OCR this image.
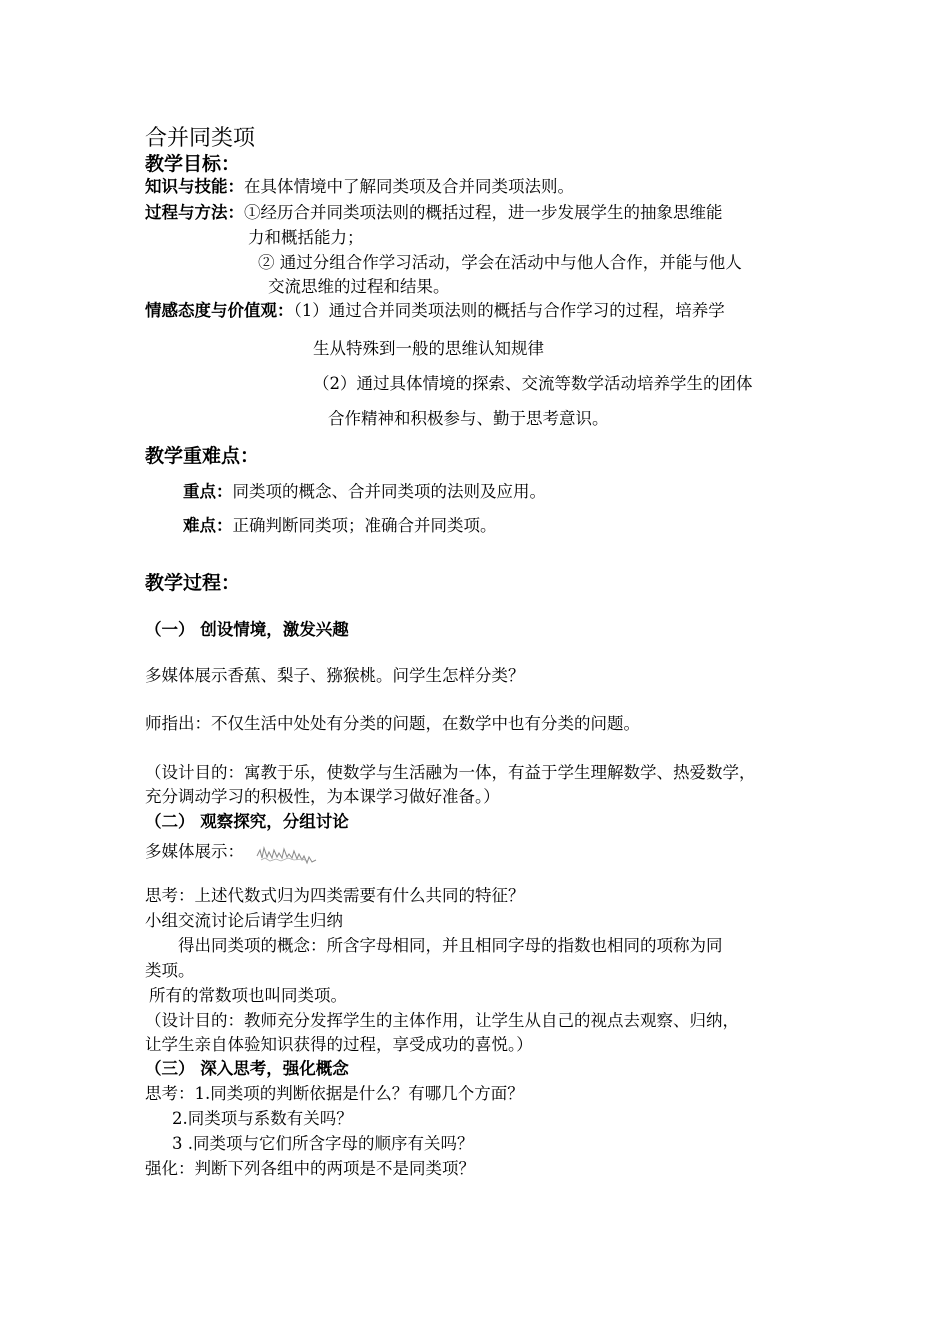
合并同类项
教学目标：
知识与技能：在具体情境中了解同类项及合并同类项法则。
过程与方法：①经历合并同类项法则的概括过程，进一步发展学生的抽象思维能
力和概括能力；
② 通过分组合作学习活动，学会在活动中与他人合作，并能与他人
交流思维的过程和结果。
情感态度与价值观：（1）通过合并同类项法则的概括与合作学习的过程，培养学
生从特殊到一般的思维认知规律
（2）通过具体情境的探索、交流等数学活动培养学生的团体
合作精神和积极参与、勤于思考意识。
教学重难点：
重点：同类项的概念、合并同类项的法则及应用。
难点：正确判断同类项；准确合并同类项。
教学过程：
（一） 创设情境，激发兴趣
多媒体展示香蕉、梨子、猕猴桃。问学生怎样分类？
师指出：不仅生活中处处有分类的问题，在数学中也有分类的问题。
（设计目的：寓教于乐，使数学与生活融为一体，有益于学生理解数学、热爱数学，
充分调动学习的积极性，为本课学习做好准备。）
（二） 观察探究，分组讨论
多媒体展示：
思考：上述代数式归为四类需要有什么共同的特征？
小组交流讨论后请学生归纳
得出同类项的概念：所含字母相同，并且相同字母的指数也相同的项称为同
类项。
所有的常数项也叫同类项。
（设计目的：教师充分发挥学生的主体作用，让学生从自己的视点去观察、归纳，
让学生亲自体验知识获得的过程，享受成功的喜悦。）
（三） 深入思考，强化概念
思考：1.同类项的判断依据是什么？有哪几个方面？
2.同类项与系数有关吗？
3 .同类项与它们所含字母的顺序有关吗？
强化：判断下列各组中的两项是不是同类项？
